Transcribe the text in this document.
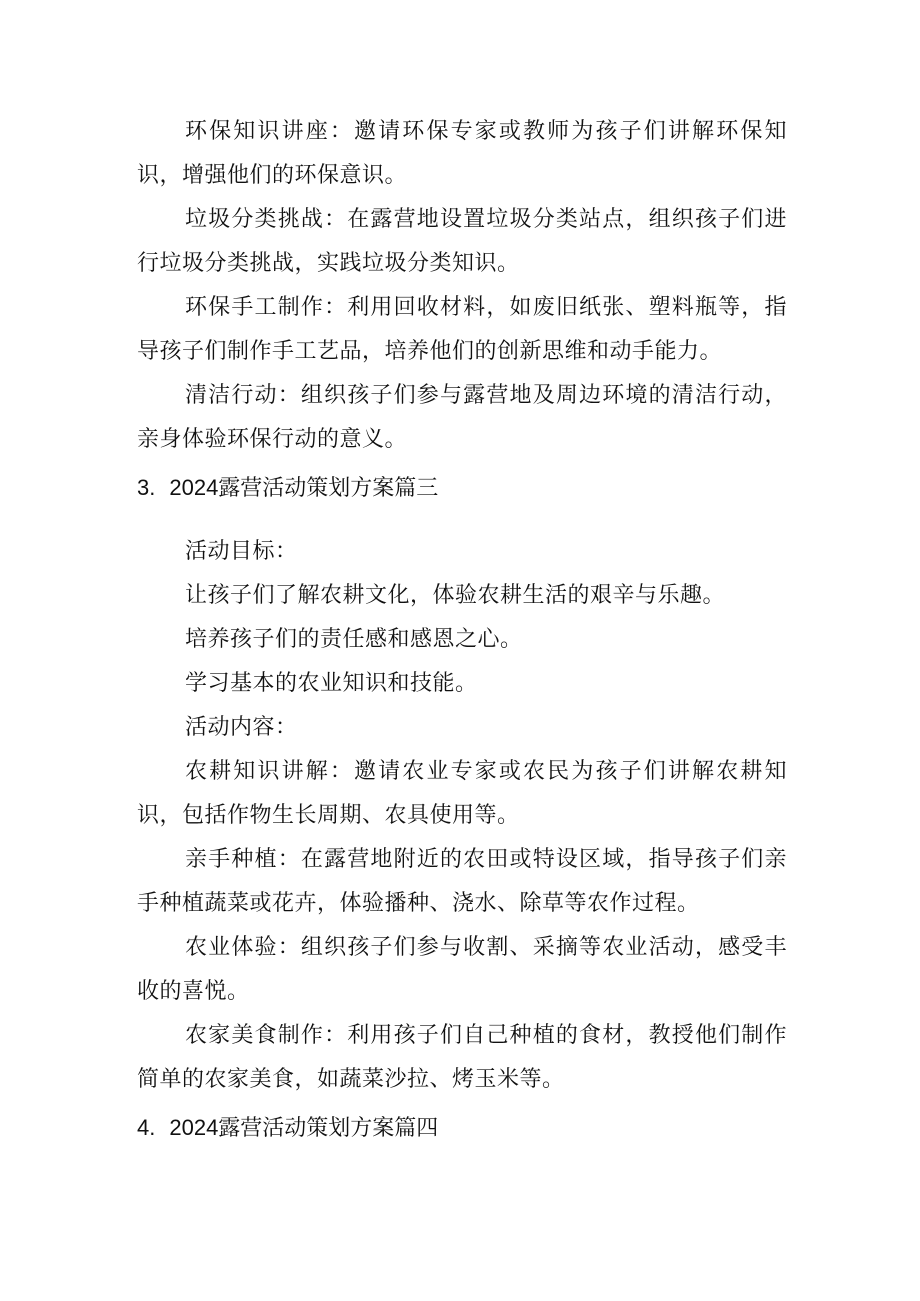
环保知识讲座：邀请环保专家或教师为孩子们讲解环保知识，增强他们的环保意识。

垃圾分类挑战：在露营地设置垃圾分类站点，组织孩子们进行垃圾分类挑战，实践垃圾分类知识。

环保手工制作：利用回收材料，如废旧纸张、塑料瓶等，指导孩子们制作手工艺品，培养他们的创新思维和动手能力。

清洁行动：组织孩子们参与露营地及周边环境的清洁行动，亲身体验环保行动的意义。

3. 2024露营活动策划方案篇三

活动目标：

让孩子们了解农耕文化，体验农耕生活的艰辛与乐趣。

培养孩子们的责任感和感恩之心。

学习基本的农业知识和技能。

活动内容：

农耕知识讲解：邀请农业专家或农民为孩子们讲解农耕知识，包括作物生长周期、农具使用等。

亲手种植：在露营地附近的农田或特设区域，指导孩子们亲手种植蔬菜或花卉，体验播种、浇水、除草等农作过程。

农业体验：组织孩子们参与收割、采摘等农业活动，感受丰收的喜悦。

农家美食制作：利用孩子们自己种植的食材，教授他们制作简单的农家美食，如蔬菜沙拉、烤玉米等。

4. 2024露营活动策划方案篇四
